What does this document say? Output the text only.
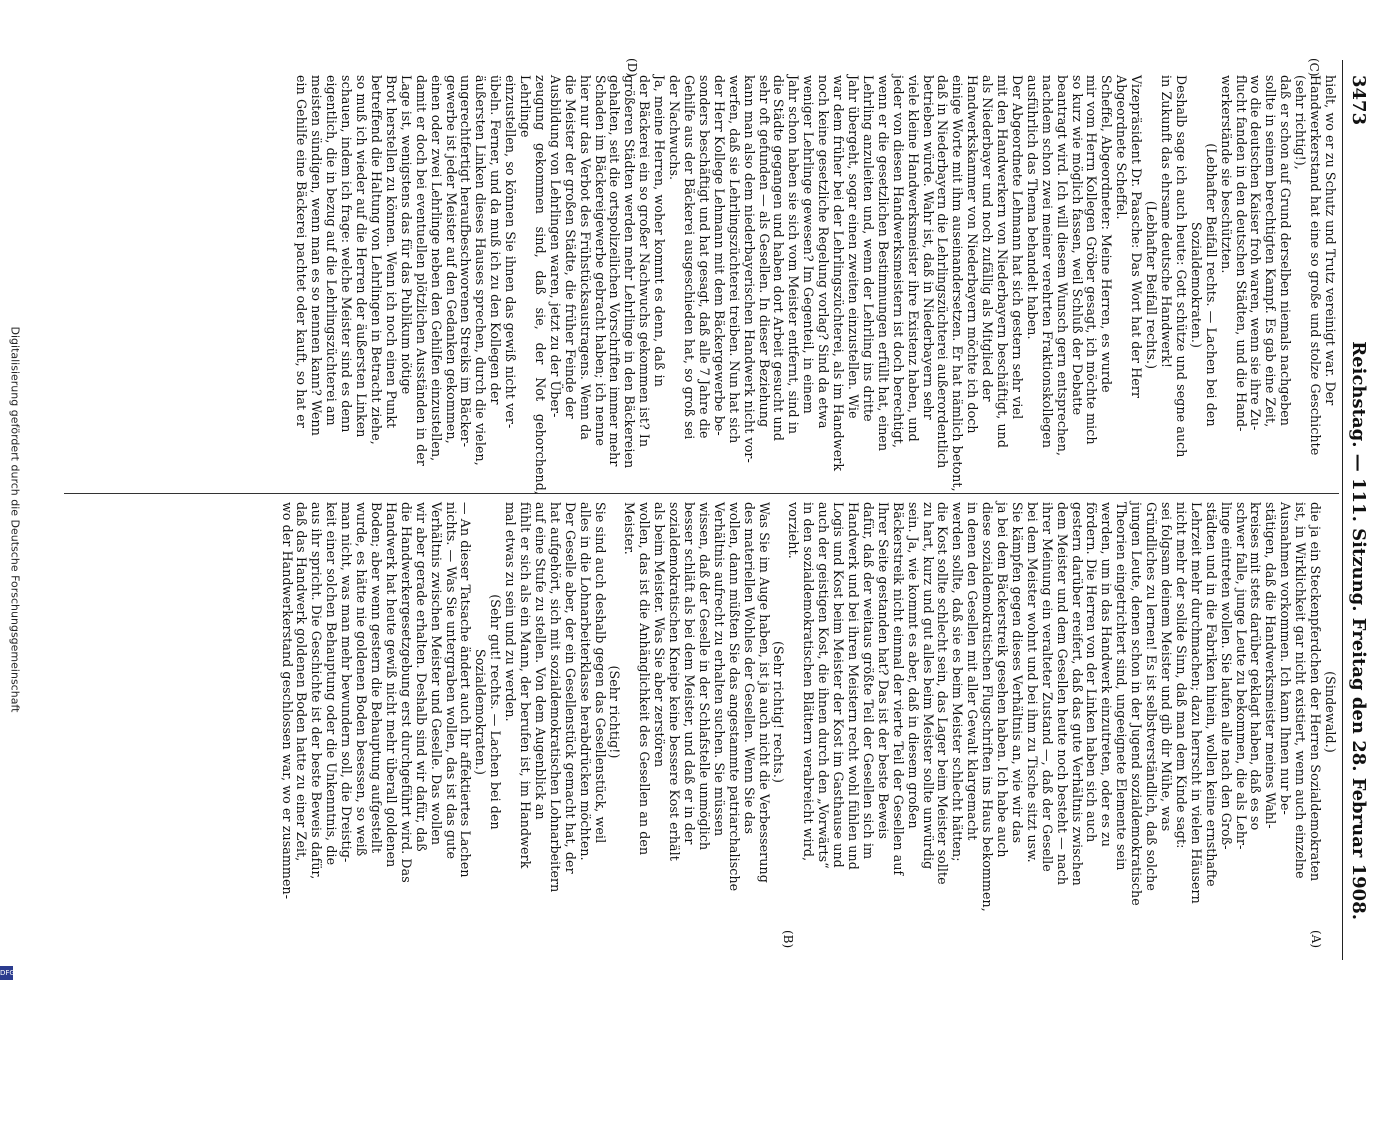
3473
Reichstag. — 111. Sitzung. Freitag den 28. Februar 1908.

hielt, wo er zu Schutz und Trutz vereinigt war. Der

Handwerkerstand hat eine so große und stolze Geschichte

(sehr richtig!),

daß er schon auf Grund derselben niemals nachgeben

sollte in seinem berechtigten Kampf. Es gab eine Zeit,

wo die deutschen Kaiser froh waren, wenn sie ihre Zu-

flucht fanden in den deutschen Städten, und die Hand-

werkerstände sie beschützten.

(Lebhafter Beifall rechts. — Lachen bei den

Sozialdemokraten.)

Deshalb sage ich auch heute: Gott schütze und segne auch

in Zukunft das ehrsame deutsche Handwerk!

(Lebhafter Beifall rechts.)

Vizepräsident Dr. Paasche: Das Wort hat der Herr

Abgeordnete Scheffel.

Scheffel, Abgeordneter: Meine Herren, es wurde

mir vom Herrn Kollegen Gröber gesagt, ich möchte mich

so kurz wie möglich fassen, weil Schluß der Debatte

beantragt wird. Ich will diesem Wunsch gern entsprechen,

nachdem schon zwei meiner verehrten Fraktionskollegen

ausführlich das Thema behandelt haben.

Der Abgeordnete Lehmann hat sich gestern sehr viel

mit den Handwerkern von Niederbayern beschäftigt, und

als Niederbayer und noch zufällig als Mitglied der

Handwerkskammer von Niederbayern möchte ich doch

einige Worte mit ihm auseinandersetzen. Er hat nämlich betont,

daß in Niederbayern die Lehrlingszüchterei außerordentlich

betrieben würde. Wahr ist, daß in Niederbayern sehr

viele kleine Handwerksmeister ihre Existenz haben, und

jeder von diesen Handwerksmeistern ist doch berechtigt,

wenn er die gesetzlichen Bestimmungen erfüllt hat, einen

Lehrling anzuleiten und, wenn der Lehrling ins dritte

Jahr übergeht, sogar einen zweiten einzustellen. Wie

war dem früher bei der Lehrlingszüchterei, als im Handwerk

noch keine gesetzliche Regelung vorlag? Sind da etwa

weniger Lehrlinge gewesen? Im Gegenteil, in einem

Jahr schon haben sie sich vom Meister entfernt, sind in

die Städte gegangen und haben dort Arbeit gesucht und

sehr oft gefunden — als Gesellen. In dieser Beziehung

kann man also dem niederbayerischen Handwerk nicht vor-

werfen, daß sie Lehrlingszüchterei treiben. Nun hat sich

der Herr Kollege Lehmann mit dem Bäckergewerbe be-

sonders beschäftigt und hat gesagt, daß alle 7 Jahre die

Gehilfe aus der Bäckerei ausgeschieden hat, so groß sei

der Nachwuchs.

Ja, meine Herren, woher kommt es denn, daß in

der Bäckerei ein so großer Nachwuchs gekommen ist? In

größeren Städten werden mehr Lehrlinge in den Bäckereien

gehalten, seit die ortspolizeilichen Vorschriften immer mehr

Schaden im Bäckereigewerbe gebracht haben; ich nenne

hier nur das Verbot des Frühstücksaustragens. Wenn da

die Meister der großen Städte, die früher Feinde der

Ausbildung von Lehrlingen waren, jetzt zu der Über-

zeugung gekommen sind, daß sie, der Not gehorchend, Lehrlinge

einzustellen, so können Sie ihnen das gewiß nicht ver-

übeln. Ferner, und da muß ich zu den Kollegen der

äußersten Linken dieses Hauses sprechen, durch die vielen,

ungerechtfertigt heraufbeschworenen Streiks im Bäcker-

gewerbe ist jeder Meister auf den Gedanken gekommen,

einen oder zwei Lehrlinge neben den Gehilfen einzustellen,

damit er doch bei eventuellen plötzlichen Ausständen in der

Lage ist, wenigstens das für das Publikum nötige

Brot herstellen zu können. Wenn ich noch einen Punkt

betreffend die Haltung von Lehrlingen in Betracht ziehe,

so muß ich wieder auf die Herren der äußersten Linken

schauen, indem ich frage: welche Meister sind es denn

eigentlich, die in bezug auf die Lehrlingszüchterei am

meisten sündigen, wenn man es so nennen kann? Wenn

ein Gehilfe eine Bäckerei pachtet oder kauft, so hat er

(Sindewald.)

die ja ein Steckenpferdchen der Herren Sozialdemokraten

ist, in Wirklichkeit gar nicht existiert, wenn auch einzelne

Ausnahmen vorkommen. Ich kann Ihnen nur be-

stätigen, daß die Handwerksmeister meines Wahl-

kreises mit stets darüber geklagt haben, daß es so

schwer falle, junge Leute zu bekommen, die als Lehr-

linge eintreten wollen. Sie laufen alle nach den Groß-

städten und in die Fabriken hinein, wollen keine ernsthafte

Lehrzeit mehr durchmachen; dazu herrscht in vielen Häusern

nicht mehr der solide Sinn, daß man dem Kinde sagt:

sei folgsam deinem Meister und gib dir Mühe, was

Gründliches zu lernen! Es ist selbstverständlich, daß solche

jungen Leute, denen schon in der Jugend sozialdemokratische

Theorien eingetrichtert sind, ungeeignete Elemente sein

werden, um in das Handwerk einzutreten, oder es zu

fördern. Die Herren von der Linken haben sich auch

gestern darüber ereifert, daß das gute Verhältnis zwischen

dem Meister und dem Gesellen heute noch besteht — nach

ihrer Meinung ein veralteter Zustand —, daß der Geselle

bei dem Meister wohnt und bei ihm zu Tische sitzt usw.

Sie kämpfen gegen dieses Verhältnis an, wie wir das

ja bei dem Bäckerstreik gesehen haben. Ich habe auch

diese sozialdemokratischen Flugschriften ins Haus bekommen,

in denen den Gesellen mit aller Gewalt klargemacht

werden sollte, daß sie es beim Meister schlecht hätten;

die Kost sollte schlecht sein, das Lager beim Meister sollte

zu hart, kurz und gut alles beim Meister sollte unwürdig

sein. Ja, wie kommt es aber, daß in diesem großen

Bäckerstreik nicht einmal der vierte Teil der Gesellen auf

Ihrer Seite gestanden hat? Das ist der beste Beweis

dafür, daß der weitaus größte Teil der Gesellen sich im

Handwerk und bei ihren Meistern recht wohl fühlen und

Logis und Kost beim Meister der Kost im Gasthause und

auch der geistigen Kost, die ihnen durch den „Vorwärts“

in den sozialdemokratischen Blättern verabreicht wird,

vorzieht.

(Sehr richtig! rechts.)

Was Sie im Auge haben, ist ja auch nicht die Verbesserung

des materiellen Wohles der Gesellen. Wenn Sie das

wollen, dann müßten Sie das angestammte patriarchalische

Verhältnis aufrecht zu erhalten suchen. Sie müssen

wissen, daß der Geselle in der Schlafstelle unmöglich

besser schläft als bei dem Meister, und daß er in der

sozialdemokratischen Kneipe keine bessere Kost erhält

als beim Meister. Was Sie aber zerstören

wollen, das ist die Anhänglichkeit des Gesellen an den

Meister.

(Sehr richtig!)

Sie sind auch deshalb gegen das Gesellenstück, weil

alles in die Lohnarbeiterklasse herabdrücken möchten.

Der Geselle aber, der ein Gesellenstück gemacht hat, der

hat aufgehört, sich mit sozialdemokratischen Lohnarbeitern

auf eine Stufe zu stellen. Von dem Augenblick an

fühlt er sich als ein Mann, der berufen ist, im Handwerk

mal etwas zu sein und zu werden.

(Sehr gut! rechts. — Lachen bei den

Sozialdemokraten.)

— An dieser Tatsache ändert auch Ihr affektiertes Lachen

nichts. — Was Sie untergraben wollen, das ist das gute

Verhältnis zwischen Meister und Geselle. Das wollen

wir aber gerade erhalten. Deshalb sind wir dafür, daß

die Handwerkergesetzgebung erst durchgeführt wird. Das

Handwerk hat heute gewiß nicht mehr überall goldenen

Boden; aber wenn gestern die Behauptung aufgestellt

wurde, es hätte nie goldenen Boden besessen, so weiß

man nicht, was man mehr bewundern soll, die Dreistig-

keit einer solchen Behauptung oder die Unkenntnis, die

aus ihr spricht. Die Geschichte ist der beste Beweis dafür,

daß das Handwerk goldenen Boden hatte zu einer Zeit,

wo der Handwerkerstand geschlossen war, wo er zusammen-

(C)
(D)
(A)
(B)
Digitalisierung gefördert durch die Deutsche Forschungsgemeinschaft
DFG
